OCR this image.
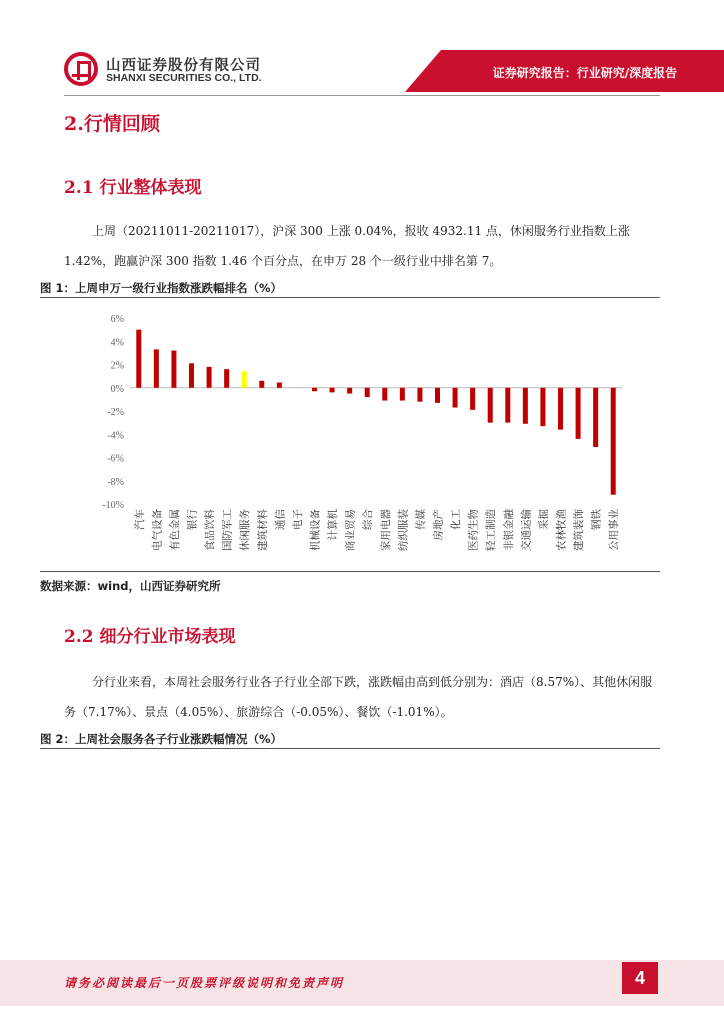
山西证券股份有限公司
SHANXI SECURITIES CO., LTD.	证券研究报告：行业研究/深度报告
2.行情回顾
2.1 行业整体表现
上周（20211011-20211017），沪深 300 上涨 0.04%，报收 4932.11 点，休闲服务行业指数上涨 1.42%，跑赢沪深 300 指数 1.46 个百分点，在申万 28 个一级行业中排名第 7。
图 1：上周申万一级行业指数涨跌幅排名（%）
6%
4%
2%
0%
-2%
-4%
-6%
-8%
-10%
汽车 电气设备 有色金属 银行 食品饮料 国防军工 休闲服务 建筑材料 通信 电子 机械设备 计算机 商业贸易 综合 家用电器 纺织服装 传媒 房地产 化工 医药生物 轻工制造 非银金融 交通运输 采掘 农林牧渔 建筑装饰 钢铁 公用事业
数据来源：wind，山西证券研究所
2.2 细分行业市场表现
分行业来看，本周社会服务行业各子行业全部下跌，涨跌幅由高到低分别为：酒店（8.57%）、其他休闲服务（7.17%）、景点（4.05%）、旅游综合（-0.05%）、餐饮（-1.01%）。
图 2：上周社会服务各子行业涨跌幅情况（%）
请务必阅读最后一页股票评级说明和免责声明	4
